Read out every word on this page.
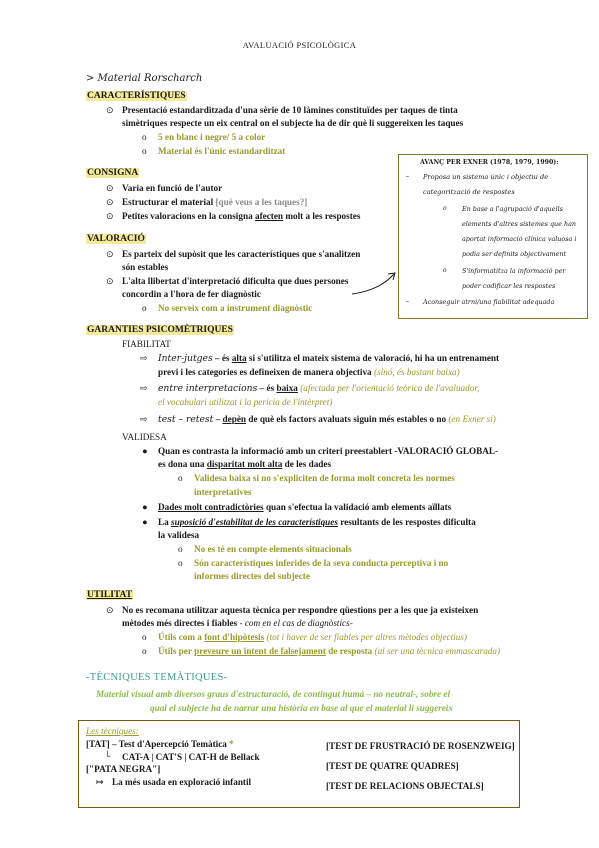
AVALUACIÓ PSICOLÒGICA
> Material Rorscharch
CARACTERÍSTIQUES
⊙ Presentació estandarditzada d'una sèrie de 10 làmines constituïdes per taques de tinta
simètriques respecte un eix central on el subjecte ha de dir què li suggereixen les taques
o 5 en blanc i negre/ 5 a color
o Material és l'únic estandarditzat
CONSIGNA
⊙ Varia en funció de l'autor
⊙ Estructurar el material [què veus a les taques?]
⊙ Petites valoracions en la consigna afecten molt a les respostes
VALORACIÓ
⊙ Es parteix del supòsit que les característiques que s'analitzen
són estables
⊙ L'alta llibertat d'interpretació dificulta que dues persones
concordin a l'hora de fer diagnòstic
o No serveix com a instrument diagnòstic
AVANÇ PER EXNER (1978, 1979, 1990):
– Proposa un sistema únic i objectiu de
categorització de respostes
o En base a l'agrupació d'aquells
elements d'altres sistemes que han
aportat informació clínica valuosa i
podia ser definits objectivament
o S'informatitza la informació per
poder codificar les respostes
– Aconseguir atrni/una fiabilitat adequada
GARANTIES PSICOMÈTRIQUES
FIABILITAT
⇨ Inter-jutges – és alta si s'utilitza el mateix sistema de valoració, hi ha un entrenament
previ i les categories es defineixen de manera objectiva (sinó, és bastant baixa)
⇨ entre interpretacions – és baixa (afectada per l'orientació teòrica de l'avaluador,
el vocabulari utilitzat i la pericia de l'intèrpret)
⇨ test – retest – depèn de què els factors avaluats siguin més estables o no (en Exner sí)
VALIDESA
● Quan es contrasta la informació amb un criteri preestablert -VALORACIÓ GLOBAL-
es dona una disparitat molt alta de les dades
o Validesa baixa si no s'expliciten de forma molt concreta les normes
interpretatives
● Dades molt contradictòries quan s'efectua la validació amb elements aïllats
● La suposició d'estabilitat de les característiques resultants de les respostes dificulta
la validesa
o No es té en compte elements situacionals
o Són característiques inferides de la seva conducta perceptiva i no
informes directes del subjecte
UTILITAT
⊙ No es recomana utilitzar aquesta tècnica per respondre qüestions per a les que ja existeixen
mètodes més directes i fiables - com en el cas de diagnòstics-
o Útils com a font d'hipòtesis (tot i haver de ser fiables per altres mètodes objectius)
o Útils per preveure un intent de falsejament de resposta (al ser una tècnica emmascarada)
-TÈCNIQUES TEMÀTIQUES-
Material visual amb diversos graus d'estructuració, de contingut humà – no neutral-, sobre el
qual el subjecte ha de narrar una història en base al que el material li suggereix
Les tècniques:
[TAT] – Test d'Apercepció Temàtica *
└ CAT-A | CAT'S | CAT-H de Bellack
["PATA NEGRA"]
↦ La més usada en exploració infantil
[TEST DE FRUSTRACIÓ DE ROSENZWEIG]
[TEST DE QUATRE QUADRES]
[TEST DE RELACIONS OBJECTALS]
